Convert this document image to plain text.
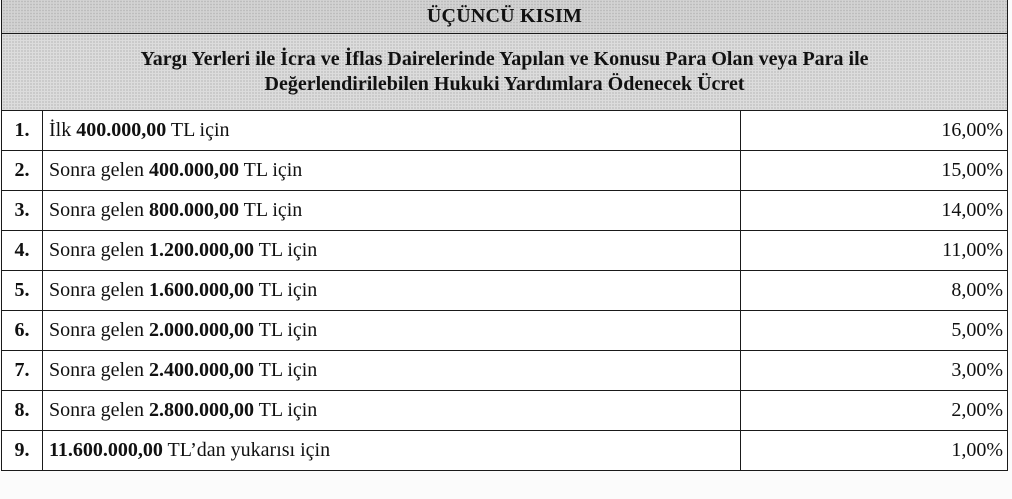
ÜÇÜNCÜ KISIM		

Yargı Yerleri ile İcra ve İflas Dairelerinde Yapılan ve Konusu Para Olan veya Para ile
Değerlendirilebilen Hukuki Yardımlara Ödenecek Ücret		

1.	İlk 400.000,00 TL için	16,00%
2.	Sonra gelen 400.000,00 TL için	15,00%
3.	Sonra gelen 800.000,00 TL için	14,00%
4.	Sonra gelen 1.200.000,00 TL için	11,00%
5.	Sonra gelen 1.600.000,00 TL için	8,00%
6.	Sonra gelen 2.000.000,00 TL için	5,00%
7.	Sonra gelen 2.400.000,00 TL için	3,00%
8.	Sonra gelen 2.800.000,00 TL için	2,00%
9.	11.600.000,00 TL’dan yukarısı için	1,00%
